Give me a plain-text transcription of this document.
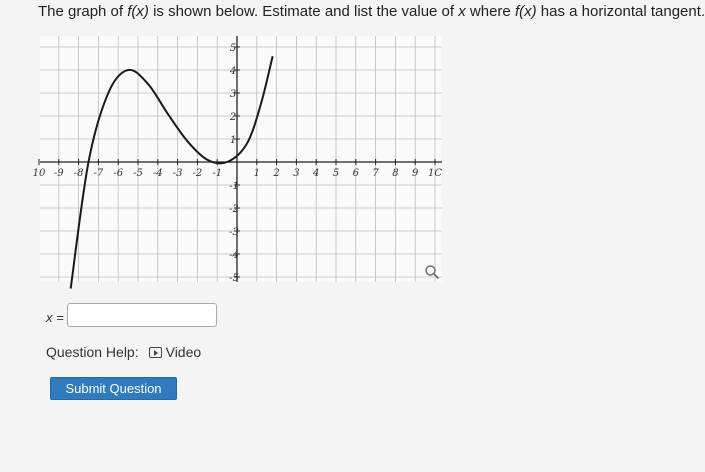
The graph of f(x) is shown below. Estimate and list the value of x where f(x) has a horizontal tangent.
10 -9 -8 -7 -6 -5 -4 -3 -2 -1	1 2 3 4 5 6 7 8 9 1C
5
4
3
2
1
-1
-2
-3
-4
-5
x =
Question Help: Video
Submit Question
